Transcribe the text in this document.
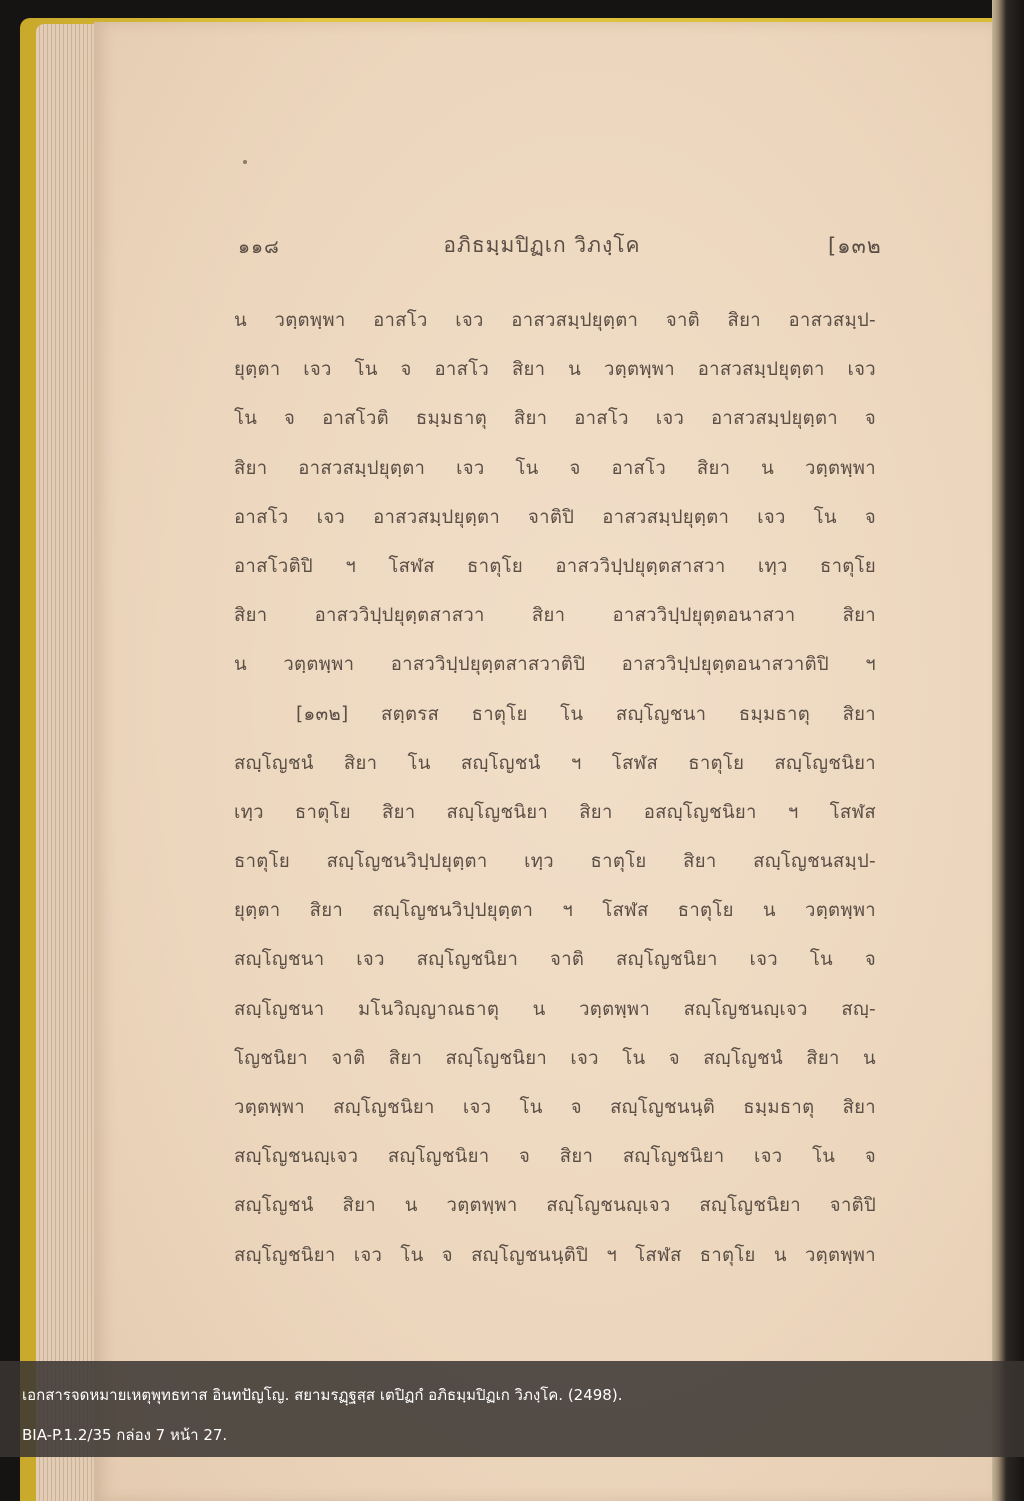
๑๑๘	อภิธมฺมปิฏเก วิภงฺโค	[๑๓๒
น วตฺตพฺพา อาสโว เจว อาสวสมฺปยุตฺตา จาติ สิยา อาสวสมฺป-
ยุตฺตา เจว โน จ อาสโว สิยา น วตฺตพฺพา อาสวสมฺปยุตฺตา เจว
โน จ อาสโวติ ธมฺมธาตุ สิยา อาสโว เจว อาสวสมฺปยุตฺตา จ
สิยา อาสวสมฺปยุตฺตา เจว โน จ อาสโว สิยา น วตฺตพฺพา
อาสโว เจว อาสวสมฺปยุตฺตา จาติปิ อาสวสมฺปยุตฺตา เจว โน จ
อาสโวติปิ ฯ โสฬส ธาตุโย อาสววิปฺปยุตฺตสาสวา เทฺว ธาตุโย
สิยา อาสววิปฺปยุตฺตสาสวา สิยา อาสววิปฺปยุตฺตอนาสวา สิยา
น วตฺตพฺพา อาสววิปฺปยุตฺตสาสวาติปิ อาสววิปฺปยุตฺตอนาสวาติปิ ฯ
[๑๓๒] สตฺตรส ธาตุโย โน สญฺโญชนา ธมฺมธาตุ สิยา
สญฺโญชนํ สิยา โน สญฺโญชนํ ฯ โสฬส ธาตุโย สญฺโญชนิยา
เทฺว ธาตุโย สิยา สญฺโญชนิยา สิยา อสญฺโญชนิยา ฯ โสฬส
ธาตุโย สญฺโญชนวิปฺปยุตฺตา เทฺว ธาตุโย สิยา สญฺโญชนสมฺป-
ยุตฺตา สิยา สญฺโญชนวิปฺปยุตฺตา ฯ โสฬส ธาตุโย น วตฺตพฺพา
สญฺโญชนา เจว สญฺโญชนิยา จาติ สญฺโญชนิยา เจว โน จ
สญฺโญชนา มโนวิญฺญาณธาตุ น วตฺตพฺพา สญฺโญชนญฺเจว สญฺ-
โญชนิยา จาติ สิยา สญฺโญชนิยา เจว โน จ สญฺโญชนํ สิยา น
วตฺตพฺพา สญฺโญชนิยา เจว โน จ สญฺโญชนนฺติ ธมฺมธาตุ สิยา
สญฺโญชนญฺเจว สญฺโญชนิยา จ สิยา สญฺโญชนิยา เจว โน จ
สญฺโญชนํ สิยา น วตฺตพฺพา สญฺโญชนญฺเจว สญฺโญชนิยา จาติปิ
สญฺโญชนิยา เจว โน จ สญฺโญชนนฺติปิ ฯ โสฬส ธาตุโย น วตฺตพฺพา
เอกสารจดหมายเหตุพุทธทาส อินทปัญโญ. สยามรฏฺฐสฺส เตปิฏกํ อภิธมฺมปิฏเก วิภงฺโค. (2498).
BIA-P.1.2/35 กล่อง 7 หน้า 27.
